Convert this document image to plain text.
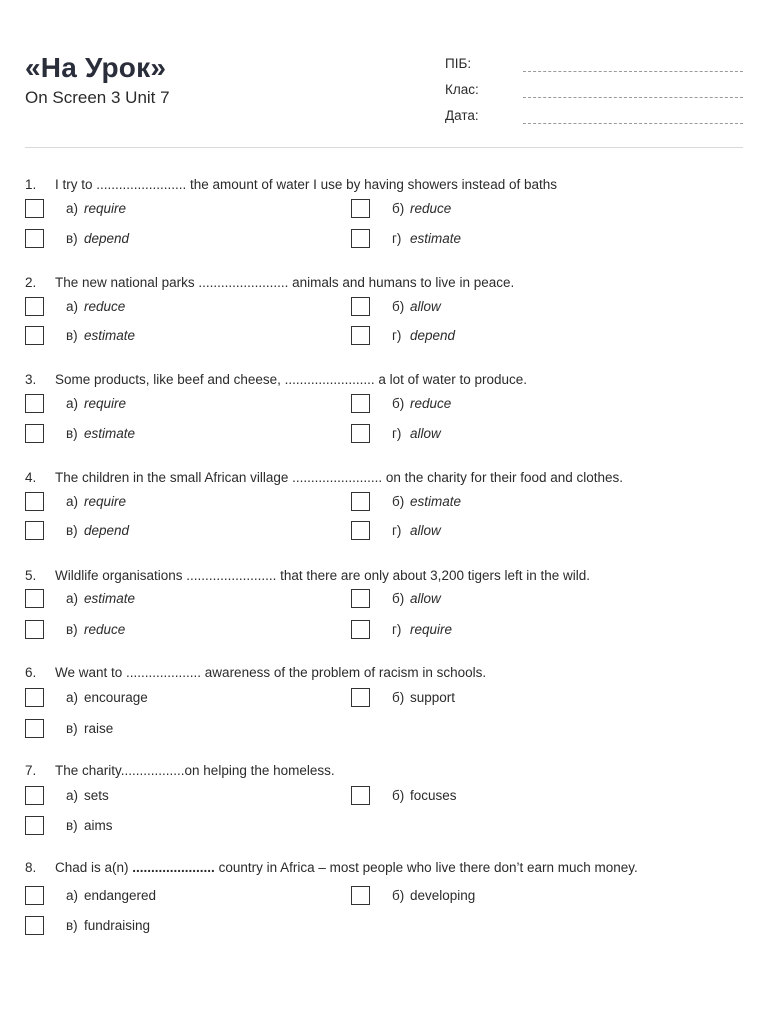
«На Урок»
On Screen 3 Unit 7
ПІБ:
Клас:
Дата:
1. I try to ........................ the amount of water I use by having showers instead of baths
а) require	б) reduce
в) depend	г) estimate
2. The new national parks ........................ animals and humans to live in peace.
а) reduce	б) allow
в) estimate	г) depend
3. Some products, like beef and cheese, ........................ a lot of water to produce.
а) require	б) reduce
в) estimate	г) allow
4. The children in the small African village ........................ on the charity for their food and clothes.
а) require	б) estimate
в) depend	г) allow
5. Wildlife organisations ........................ that there are only about 3,200 tigers left in the wild.
а) estimate	б) allow
в) reduce	г) require
6. We want to .................... awareness of the problem of racism in schools.
а) encourage	б) support
в) raise
7. The charity.................on helping the homeless.
а) sets	б) focuses
в) aims
8. Chad is a(n) ...................... country in Africa – most people who live there don’t earn much money.
а) endangered	б) developing
в) fundraising
